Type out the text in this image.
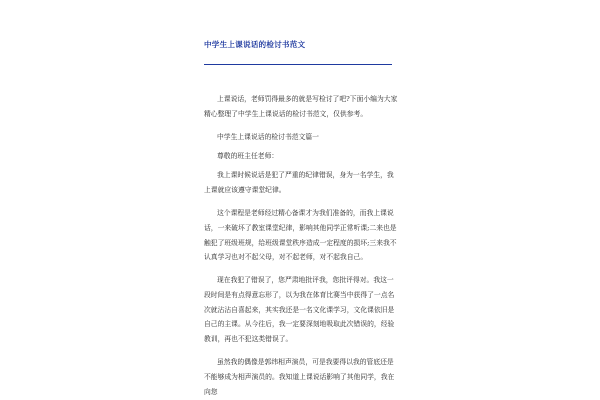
中学生上课说话的检讨书范文

上课说话，老师罚得最多的就是写检讨了吧?下面小编为大家精心整理了中学生上课说话的检讨书范文，仅供参考。

中学生上课说话的检讨书范文篇一

尊敬的班主任老师：

我上课时候说话是犯了严重的纪律错误，身为一名学生，我上课就应该遵守课堂纪律。

这个课程是老师经过精心备课才为我们准备的，而我上课说话，一来破坏了教室课堂纪律，影响其他同学正常听课;二来也是触犯了班级班规，给班级课堂秩序造成一定程度的损坏;三来我不认真学习也对不起父母，对不起老师，对不起我自己。

现在我犯了错误了，您严肃地批评我，您批评得对。我这一段时间是有点得意忘形了，以为我在体育比赛当中获得了一点名次就沾沾自喜起来，其实我还是一名文化课学习，文化课依旧是自己的主课。从今往后，我一定要深刻地吸取此次错误的，经验教训，再也不犯这类错误了。

虽然我的偶像是郭纬相声演员，可是我要得以我的管底还是不能够成为相声演员的。我知道上课说话影响了其他同学，我在向您
